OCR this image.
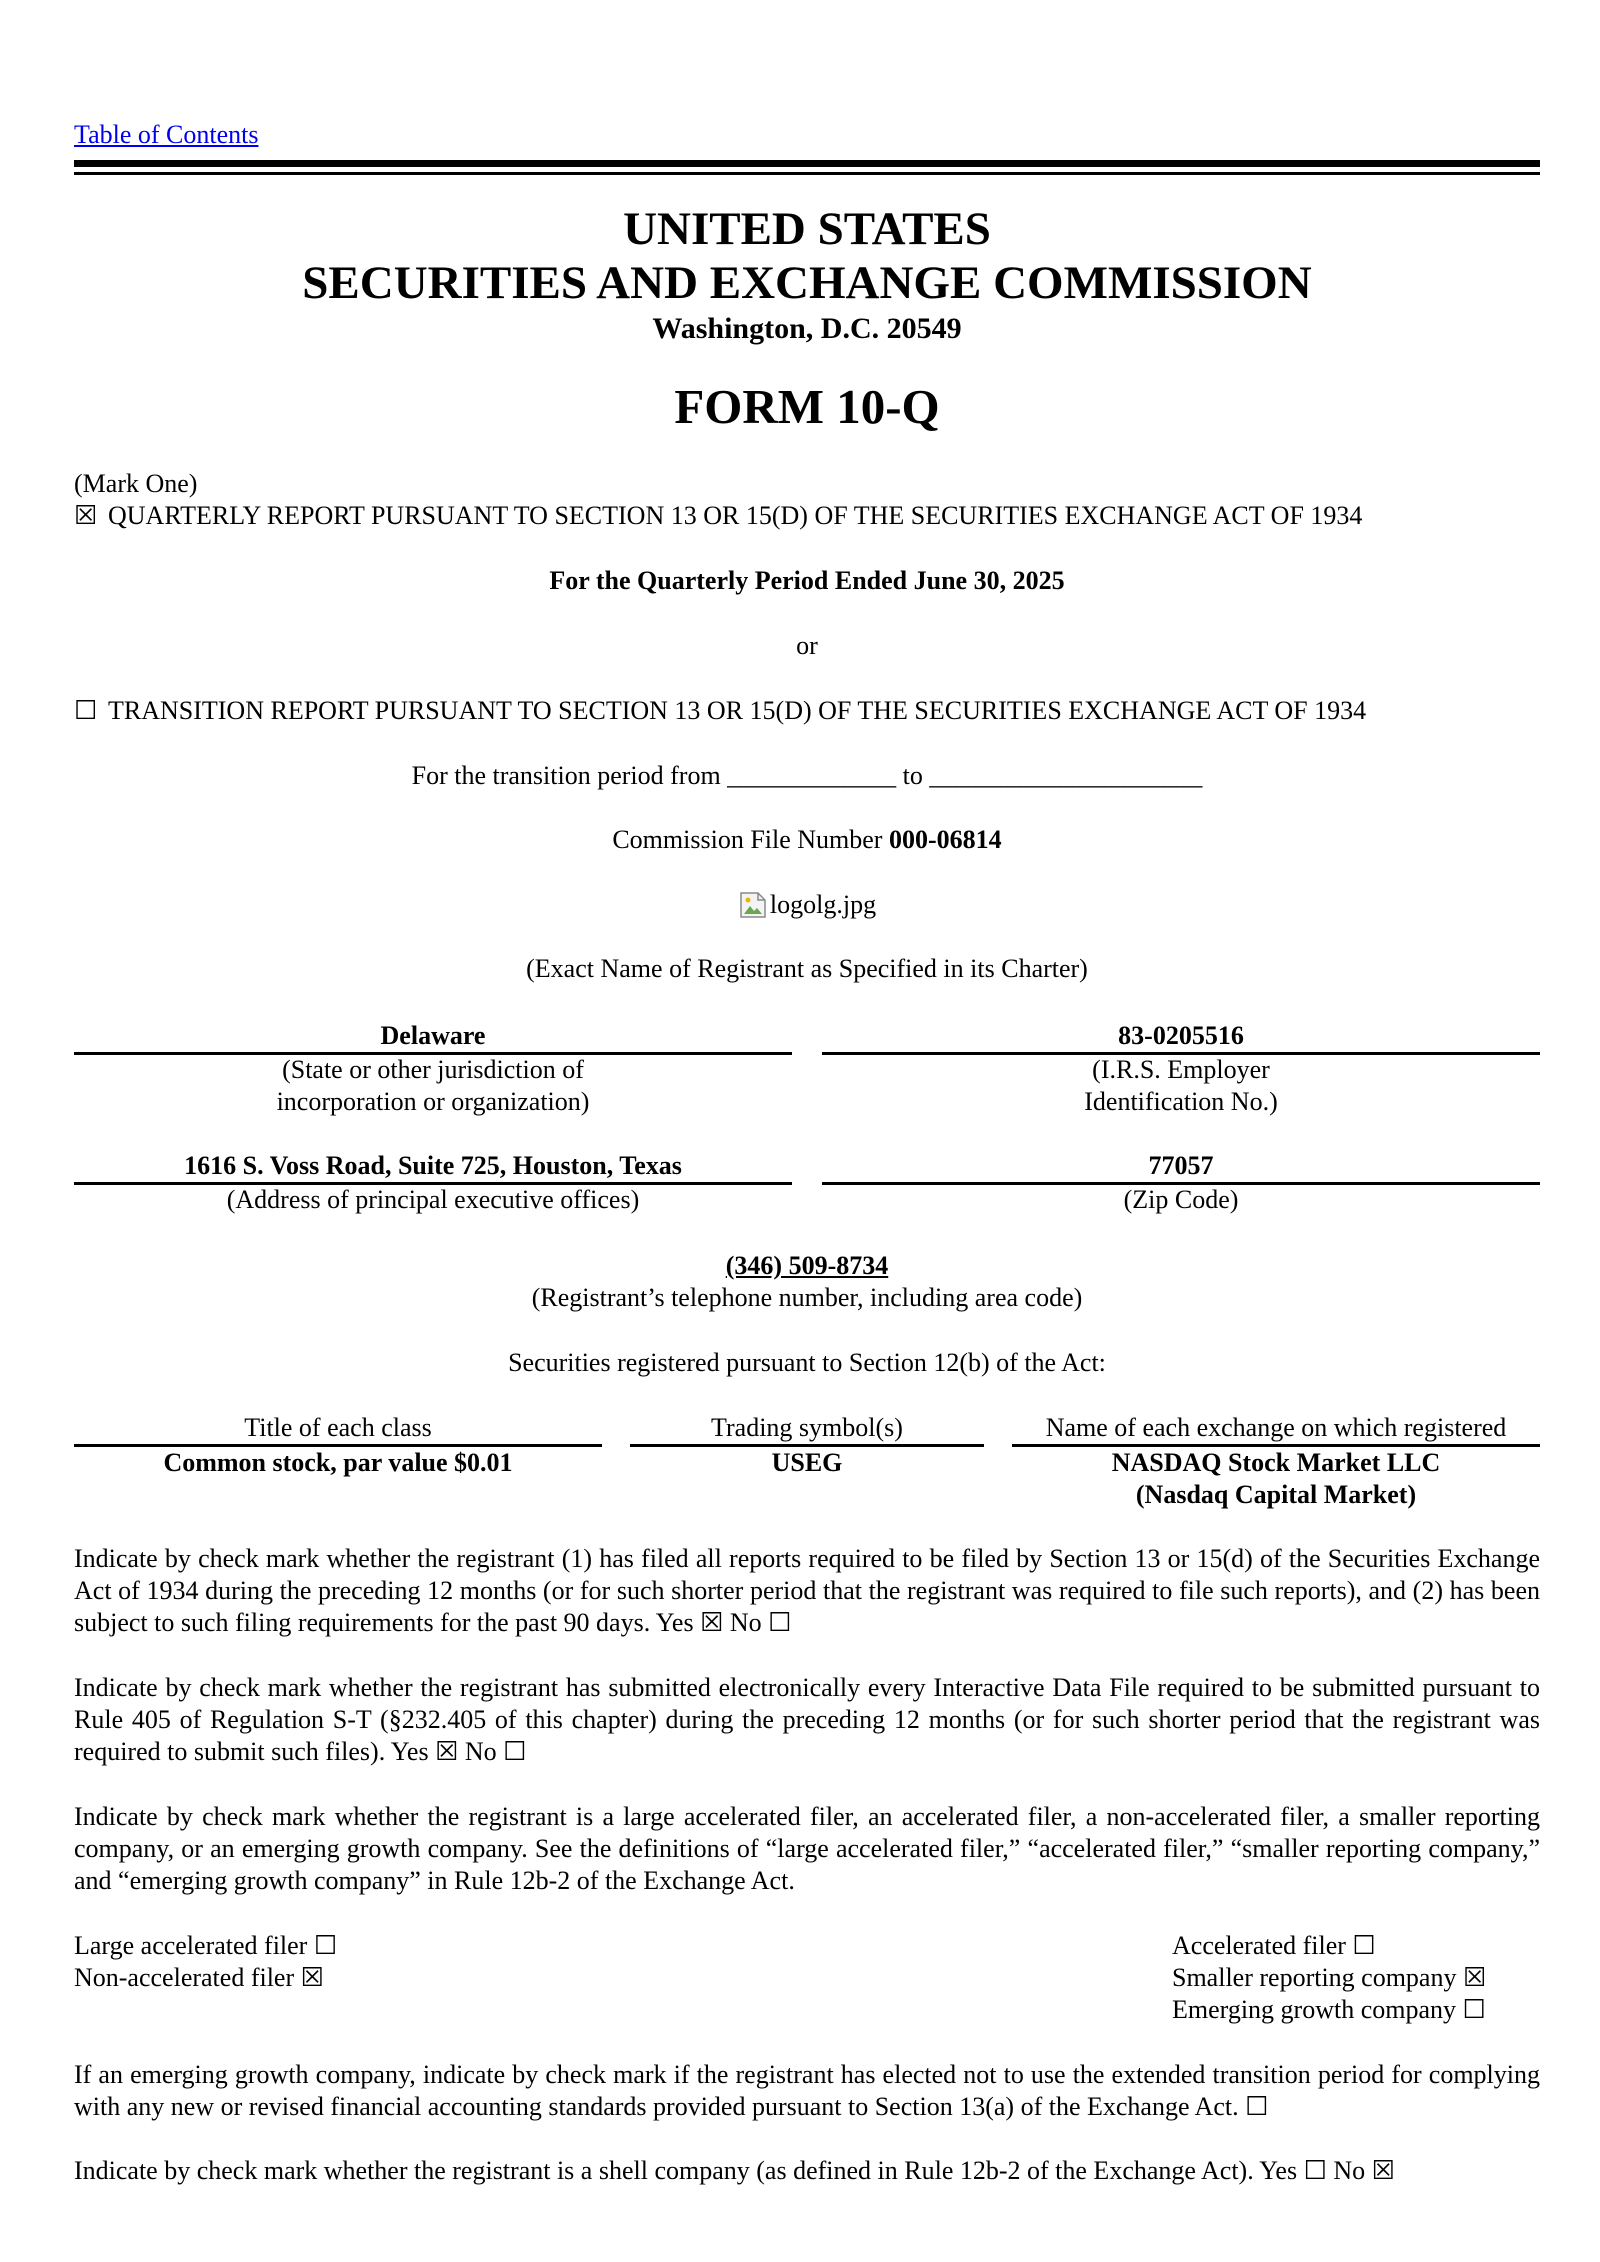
Table of Contents
UNITED STATES
SECURITIES AND EXCHANGE COMMISSION
Washington, D.C. 20549
FORM 10-Q
(Mark One)
☒ QUARTERLY REPORT PURSUANT TO SECTION 13 OR 15(D) OF THE SECURITIES EXCHANGE ACT OF 1934
For the Quarterly Period Ended June 30, 2025
or
☐ TRANSITION REPORT PURSUANT TO SECTION 13 OR 15(D) OF THE SECURITIES EXCHANGE ACT OF 1934
For the transition period from _____________ to _____________________
Commission File Number 000-06814
logolg.jpg
(Exact Name of Registrant as Specified in its Charter)
Delaware	83-0205516
(State or other jurisdiction of
incorporation or organization)
(I.R.S. Employer
Identification No.)
1616 S. Voss Road, Suite 725, Houston, Texas	77057
(Address of principal executive offices)	(Zip Code)
(346) 509-8734
(Registrant’s telephone number, including area code)
Securities registered pursuant to Section 12(b) of the Act:
Title of each class	Trading symbol(s)	Name of each exchange on which registered
Common stock, par value $0.01	USEG	NASDAQ Stock Market LLC
(Nasdaq Capital Market)
Indicate by check mark whether the registrant (1) has filed all reports required to be filed by Section 13 or 15(d) of the Securities Exchange Act of 1934 during the preceding 12 months (or for such shorter period that the registrant was required to file such reports), and (2) has been subject to such filing requirements for the past 90 days. Yes ☒ No ☐
Indicate by check mark whether the registrant has submitted electronically every Interactive Data File required to be submitted pursuant to Rule 405 of Regulation S-T (§232.405 of this chapter) during the preceding 12 months (or for such shorter period that the registrant was required to submit such files). Yes ☒ No ☐
Indicate by check mark whether the registrant is a large accelerated filer, an accelerated filer, a non-accelerated filer, a smaller reporting company, or an emerging growth company. See the definitions of “large accelerated filer,” “accelerated filer,” “smaller reporting company,” and “emerging growth company” in Rule 12b-2 of the Exchange Act.
Large accelerated filer ☐
Non-accelerated filer ☒
Accelerated filer ☐
Smaller reporting company ☒
Emerging growth company ☐
If an emerging growth company, indicate by check mark if the registrant has elected not to use the extended transition period for complying with any new or revised financial accounting standards provided pursuant to Section 13(a) of the Exchange Act. ☐
Indicate by check mark whether the registrant is a shell company (as defined in Rule 12b-2 of the Exchange Act). Yes ☐ No ☒
